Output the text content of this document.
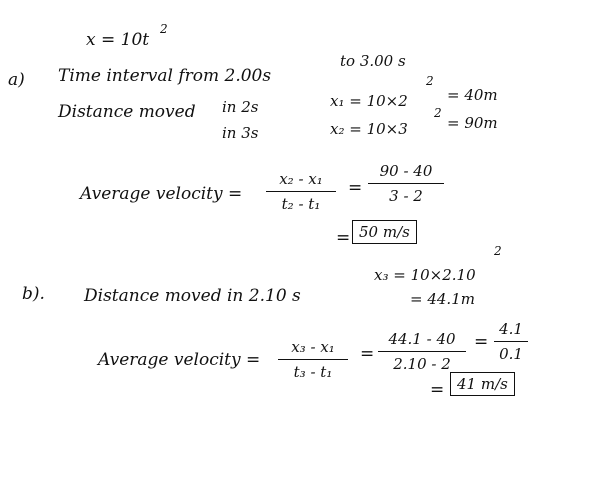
x = 10t
2
a) Time interval from 2.00s
to 3.00 s
Distance moved in 2s
in 3s
x₁ = 10×2
2
= 40m
x₂ = 10×3
2
= 90m
Average velocity =
x₂ - x₁
t₂ - t₁
=
90 - 40
3 - 2
= 50 m/s
b). Distance moved in 2.10 s
x₃ = 10×2.10
2
= 44.1m
Average velocity =
x₃ - x₁
t₃ - t₁
=
44.1 - 40
2.10 - 2
=
4.1
0.1
= 41 m/s
